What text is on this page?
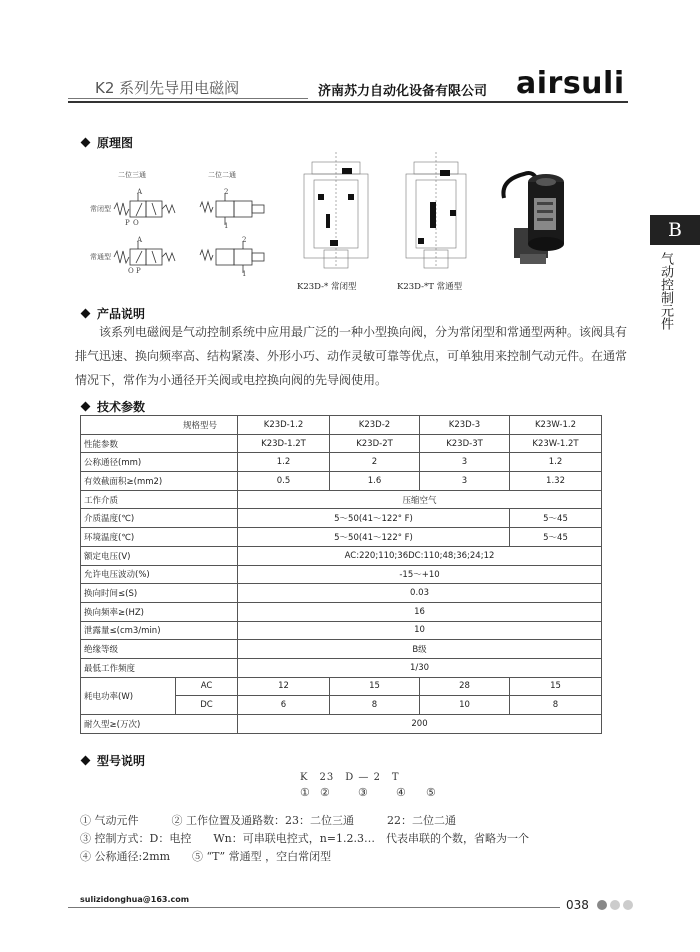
K2 系列先导用电磁阀	济南苏力自动化设备有限公司 airsuli
B
气动控制元件
原理图
二位三通	二位二通
常闭型
常通型
A
P O
2
1
A
O P
2
1
K23D-* 常闭型	K23D-*T 常通型
产品说明
该系列电磁阀是气动控制系统中应用最广泛的一种小型换向阀，分为常闭型和常通型两种。该阀具有排气迅速、换向频率高、结构紧凑、外形小巧、动作灵敏可靠等优点，可单独用来控制气动元件。在通常情况下，常作为小通径开关阀或电控换向阀的先导阀使用。
技术参数
规格型号		K23D-1.2	K23D-2	K23D-3	K23W-1.2
性能参数		K23D-1.2T	K23D-2T	K23D-3T	K23W-1.2T
公称通径(mm)		1.2	2	3	1.2
有效截面积≥(mm2)		0.5	1.6	3	1.32
工作介质		压缩空气			
介质温度(℃)		5～50(41～122° F)			5～45
环境温度(℃)		5～50(41～122° F)			5～45
额定电压(V)		AC:220;110;36DC:110;48;36;24;12			
允许电压波动(%)		-15～+10			
换向时间≤(S)		0.03			
换向频率≥(HZ)		16			
泄露量≤(cm3/min)		10			
绝缘等级		B级			
最低工作频度		1/30			
耗电功率(W)	AC	12	15	28	15
	DC	6	8	10	8
耐久型≥(万次)		200			
型号说明
K　23　D — 2　T
① ②	③	④ ⑤
① 气动元件　　　② 工作位置及通路数：23：二位三通　　　22：二位二通
③ 控制方式：D：电控　　Wn：可串联电控式，n=1.2.3…　代表串联的个数，省略为一个
④ 公称通径:2mm　　⑤ “T” 常通型 ，空白常闭型
sulizidonghua@163.com	038
